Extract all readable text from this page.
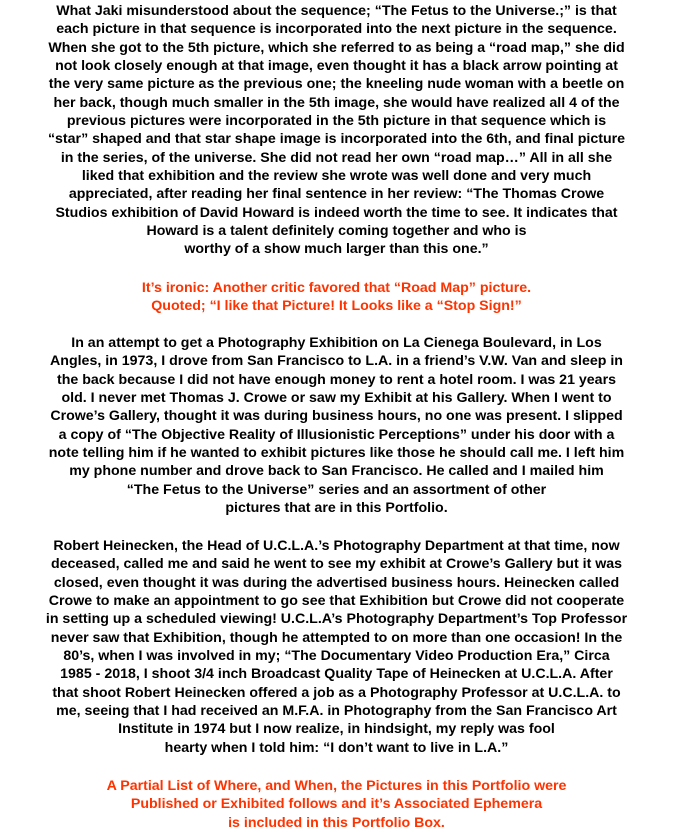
What Jaki misunderstood about the sequence; “The Fetus to the Universe.;” is that
each picture in that sequence is incorporated into the next picture in the sequence.
When she got to the 5th picture, which she referred to as being a “road map,” she did
not look closely enough at that image, even thought it has a black arrow pointing at
the very same picture as the previous one; the kneeling nude woman with a beetle on
her back, though much smaller in the 5th image, she would have realized all 4 of the
previous pictures were incorporated in the 5th picture in that sequence which is
“star” shaped and that star shape image is incorporated into the 6th, and final picture
in the series, of the universe. She did not read her own “road map…” All in all she
liked that exhibition and the review she wrote was well done and very much
appreciated, after reading her final sentence in her review: “The Thomas Crowe
Studios exhibition of David Howard is indeed worth the time to see. It indicates that
Howard is a talent definitely coming together and who is
worthy of a show much larger than this one.”
It’s ironic: Another critic favored that “Road Map” picture.
Quoted; “I like that Picture! It Looks like a “Stop Sign!”
In an attempt to get a Photography Exhibition on La Cienega Boulevard, in Los
Angles, in 1973, I drove from San Francisco to L.A. in a friend’s V.W. Van and sleep in
the back because I did not have enough money to rent a hotel room. I was 21 years
old. I never met Thomas J. Crowe or saw my Exhibit at his Gallery. When I went to
Crowe’s Gallery, thought it was during business hours, no one was present. I slipped
a copy of “The Objective Reality of Illusionistic Perceptions” under his door with a
note telling him if he wanted to exhibit pictures like those he should call me. I left him
my phone number and drove back to San Francisco. He called and I mailed him
“The Fetus to the Universe” series and an assortment of other
pictures that are in this Portfolio.
Robert Heinecken, the Head of U.C.L.A.’s Photography Department at that time, now
deceased, called me and said he went to see my exhibit at Crowe’s Gallery but it was
closed, even thought it was during the advertised business hours. Heinecken called
Crowe to make an appointment to go see that Exhibition but Crowe did not cooperate
in setting up a scheduled viewing! U.C.L.A’s Photography Department’s Top Professor
never saw that Exhibition, though he attempted to on more than one occasion! In the
80’s, when I was involved in my; “The Documentary Video Production Era,” Circa
1985 - 2018, I shoot 3/4 inch Broadcast Quality Tape of Heinecken at U.C.L.A. After
that shoot Robert Heinecken offered a job as a Photography Professor at U.C.L.A. to
me, seeing that I had received an M.F.A. in Photography from the San Francisco Art
Institute in 1974 but I now realize, in hindsight, my reply was fool
hearty when I told him: “I don’t want to live in L.A.”
A Partial List of Where, and When, the Pictures in this Portfolio were
Published or Exhibited follows and it’s Associated Ephemera
is included in this Portfolio Box.
